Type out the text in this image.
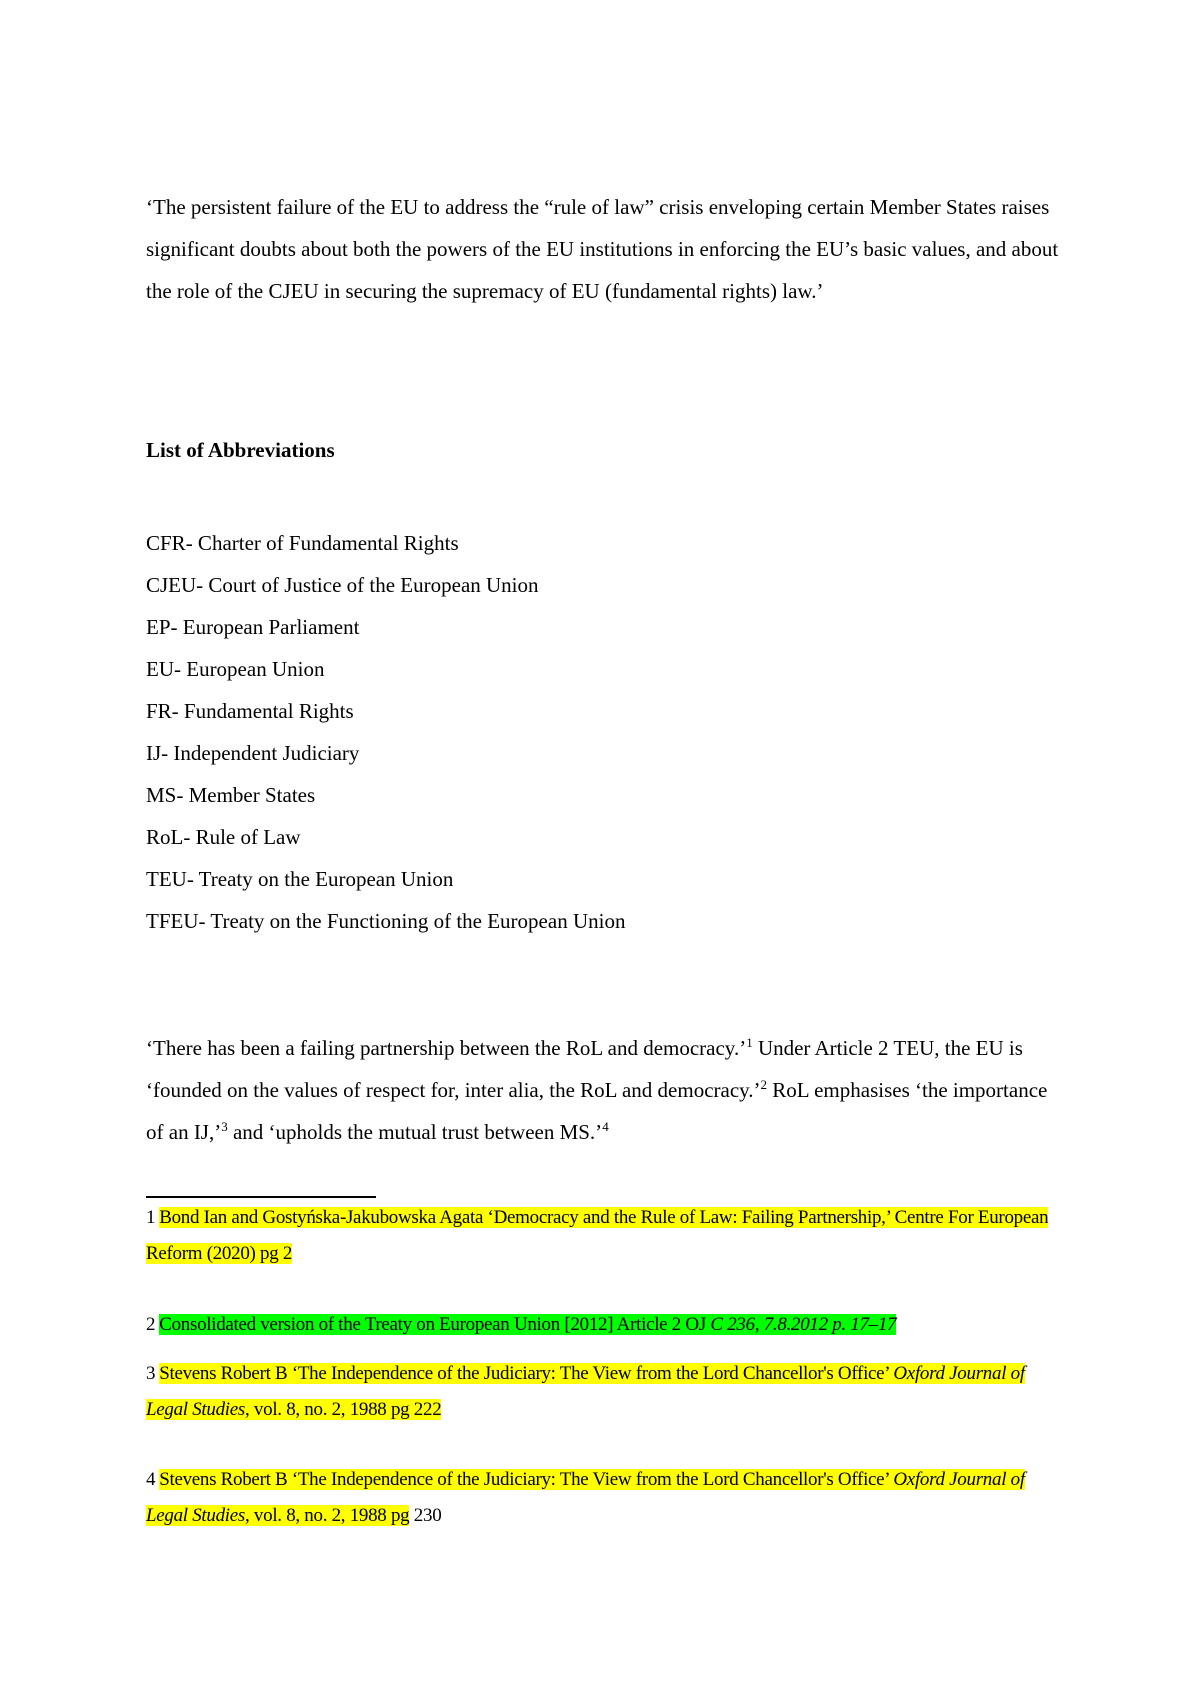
‘The persistent failure of the EU to address the “rule of law” crisis enveloping certain Member States raises significant doubts about both the powers of the EU institutions in enforcing the EU’s basic values, and about the role of the CJEU in securing the supremacy of EU (fundamental rights) law.’

List of Abbreviations
CFR- Charter of Fundamental Rights
CJEU- Court of Justice of the European Union
EP- European Parliament
EU- European Union
FR- Fundamental Rights
IJ- Independent Judiciary
MS- Member States
RoL- Rule of Law
TEU- Treaty on the European Union
TFEU- Treaty on the Functioning of the European Union

‘There has been a failing partnership between the RoL and democracy.’$^1$ Under Article 2 TEU, the EU is ‘founded on the values of respect for, inter alia, the RoL and democracy.’$^2$ RoL emphasises ‘the importance of an IJ,’$^3$ and ‘upholds the mutual trust between MS.’$^4$

1 Bond Ian and Gostyńska-Jakubowska Agata ‘Democracy and the Rule of Law: Failing Partnership,’ Centre For European Reform (2020) pg 2

2 Consolidated version of the Treaty on European Union [2012] Article 2 OJ C 236, 7.8.2012 p. 17–17

3 Stevens Robert B ‘The Independence of the Judiciary: The View from the Lord Chancellor's Office’ Oxford Journal of Legal Studies, vol. 8, no. 2, 1988 pg 222

4 Stevens Robert B ‘The Independence of the Judiciary: The View from the Lord Chancellor's Office’ Oxford Journal of Legal Studies, vol. 8, no. 2, 1988 pg 230
